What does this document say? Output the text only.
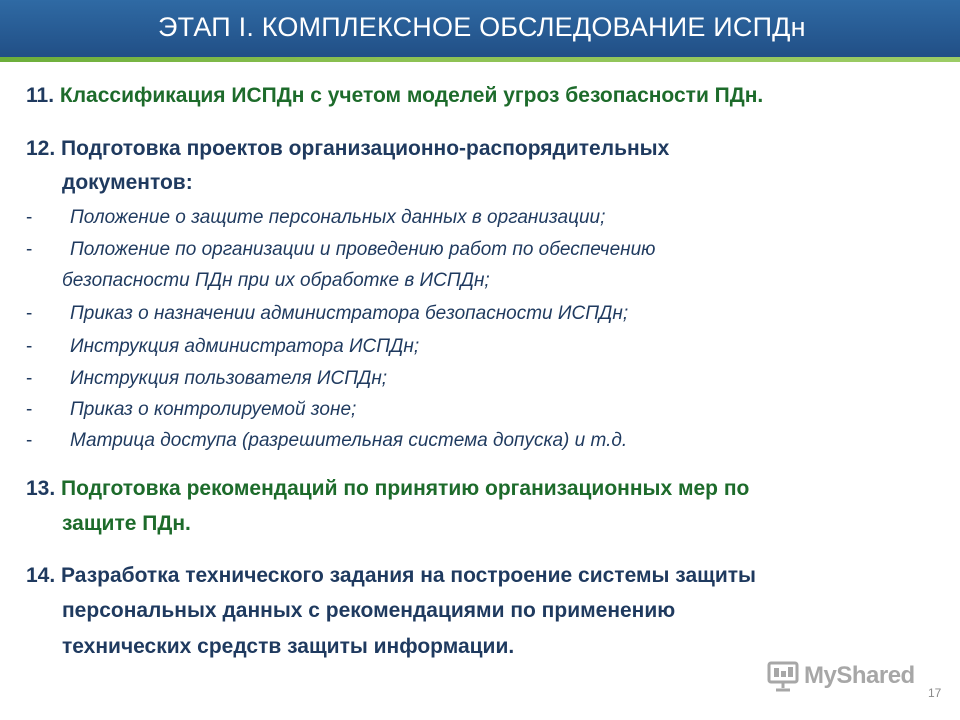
ЭТАП I. КОМПЛЕКСНОЕ ОБСЛЕДОВАНИЕ ИСПДн
11. Классификация ИСПДн с учетом моделей угроз безопасности ПДн.
12. Подготовка проектов организационно-распорядительных
документов:
- Положение о защите персональных данных в организации;
- Положение по организации и проведению работ по обеспечению
безопасности ПДн при их обработке в ИСПДн;
- Приказ о назначении администратора безопасности ИСПДн;
- Инструкция администратора ИСПДн;
- Инструкция пользователя ИСПДн;
- Приказ о контролируемой зоне;
- Матрица доступа (разрешительная система допуска) и т.д.
13. Подготовка рекомендаций по принятию организационных мер по
защите ПДн.
14. Разработка технического задания на построение системы защиты
персональных данных с рекомендациями по применению
технических средств защиты информации.
MyShared
17
